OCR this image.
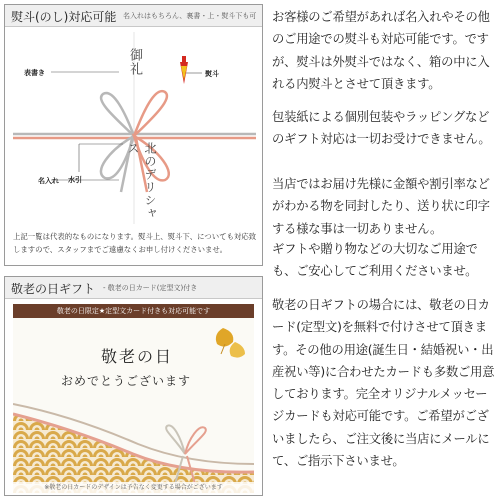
熨斗(のし)対応可能 名入れはもちろん、裏書・上・熨斗下も可
表書き	熨斗
水引
名入れ
御礼
北のデリシャス
上記一覧は代表的なものになります。熨斗上、熨斗下、についても対応致しますので、スタッフまでご遠慮なくお申し付けくださいませ。
敬老の日ギフト - 敬老の日カード(定型文)付き
敬老の日限定★定型文カード付きも対応可能です
敬老の日
おめでとうございます
※敬老の日カードのデザインは予告なく変更する場合がございます
お客様のご希望があれば名入れやその他のご用途での熨斗も対応可能です。ですが、熨斗は外熨斗ではなく、箱の中に入れる内熨斗とさせて頂きます。
包装紙による個別包装やラッピングなどのギフト対応は一切お受けできません。
当店ではお届け先様に金額や割引率などがわかる物を同封したり、送り状に印字する様な事は一切ありません。
ギフトや贈り物などの大切なご用途でも、ご安心してご利用くださいませ。
敬老の日ギフトの場合には、敬老の日カード(定型文)を無料で付けさせて頂きます。その他の用途(誕生日・結婚祝い・出産祝い等)に合わせたカードも多数ご用意しております。完全オリジナルメッセージカードも対応可能です。ご希望がございましたら、ご注文後に当店にメールにて、ご指示下さいませ。
